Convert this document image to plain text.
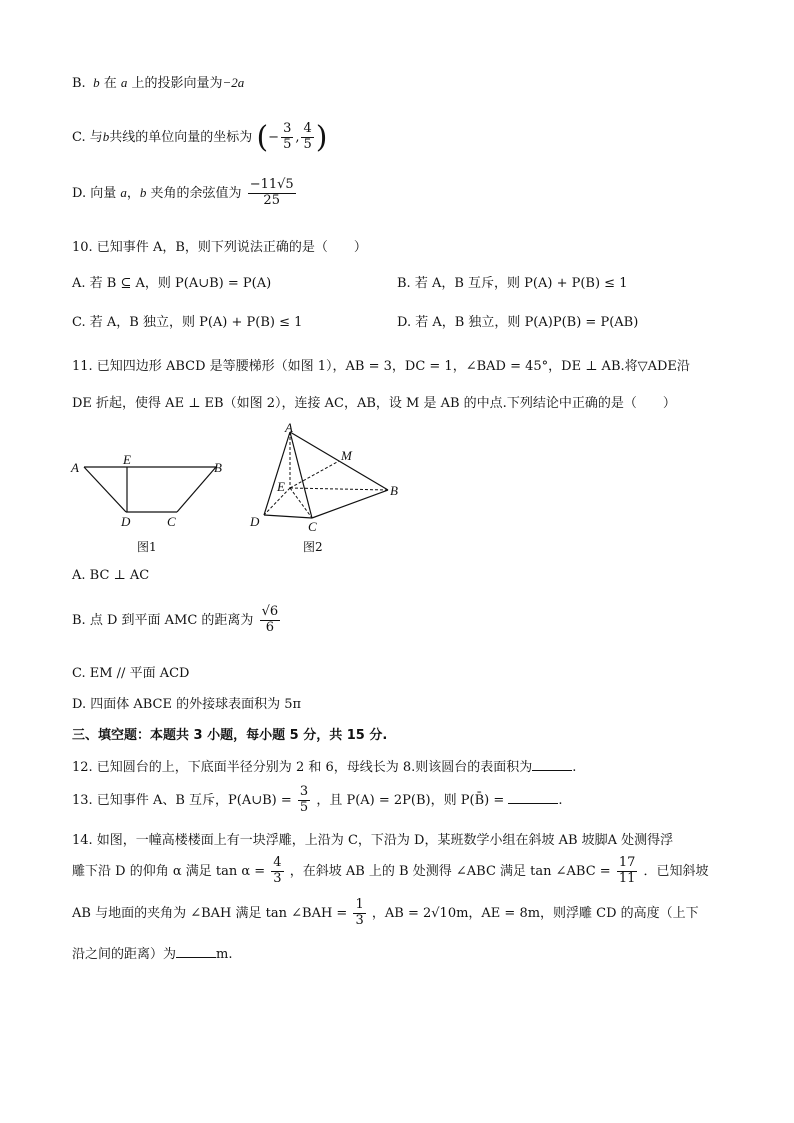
B.  b 在 a 上的投影向量为−2a
C. 与b共线的单位向量的坐标为 (− $\frac{3}{5}$ , $\frac{4}{5}$ )
D. 向量 a，b 夹角的余弦值为 $\frac{-11√5}{25}$
10. 已知事件 A，B，则下列说法正确的是（　　）
A. 若 B ⊆ A，则 P(A∪B) = P(A)	B. 若 A，B 互斥，则 P(A) + P(B) ≤ 1
C. 若 A，B 独立，则 P(A) + P(B) ≤ 1	D. 若 A，B 独立，则 P(A)P(B) = P(AB)
11. 已知四边形 ABCD 是等腰梯形（如图 1），AB = 3，DC = 1，∠BAD = 45°，DE ⊥ AB.将▽ADE沿
DE 折起，使得 AE ⊥ EB（如图 2），连接 AC，AB，设 M 是 AB 的中点.下列结论中正确的是（　　）
A
E
B
D	C
图1
A
M
E	B
D	C
图2
A. BC ⊥ AC
B. 点 D 到平面 AMC 的距离为 $\frac{√6}{6}$
C. EM // 平面 ACD
D. 四面体 ABCE 的外接球表面积为 5π
三、填空题：本题共 3 小题，每小题 5 分，共 15 分.
12. 已知圆台的上，下底面半径分别为 2 和 6，母线长为 8.则该圆台的表面积为	.
13. 已知事件 A、B 互斥，P(A∪B) = $\frac{3}{5}$ ，且 P(A) = 2P(B)，则 P(B̄) =	.
14. 如图，一幢高楼楼面上有一块浮雕，上沿为 C，下沿为 D，某班数学小组在斜坡 AB 坡脚A 处测得浮
雕下沿 D 的仰角 α 满足 $\tan \alpha = \frac{4}{3}$ ，在斜坡 AB 上的 B 处测得 ∠ABC 满足 tan ∠ABC = $\frac{17}{11}$ ．已知斜坡
AB 与地面的夹角为 ∠BAH 满足 tan ∠BAH = $\frac{1}{3}$ ，AB = 2√10m，AE = 8m，则浮雕 CD 的高度（上下
沿之间的距离）为	m.
